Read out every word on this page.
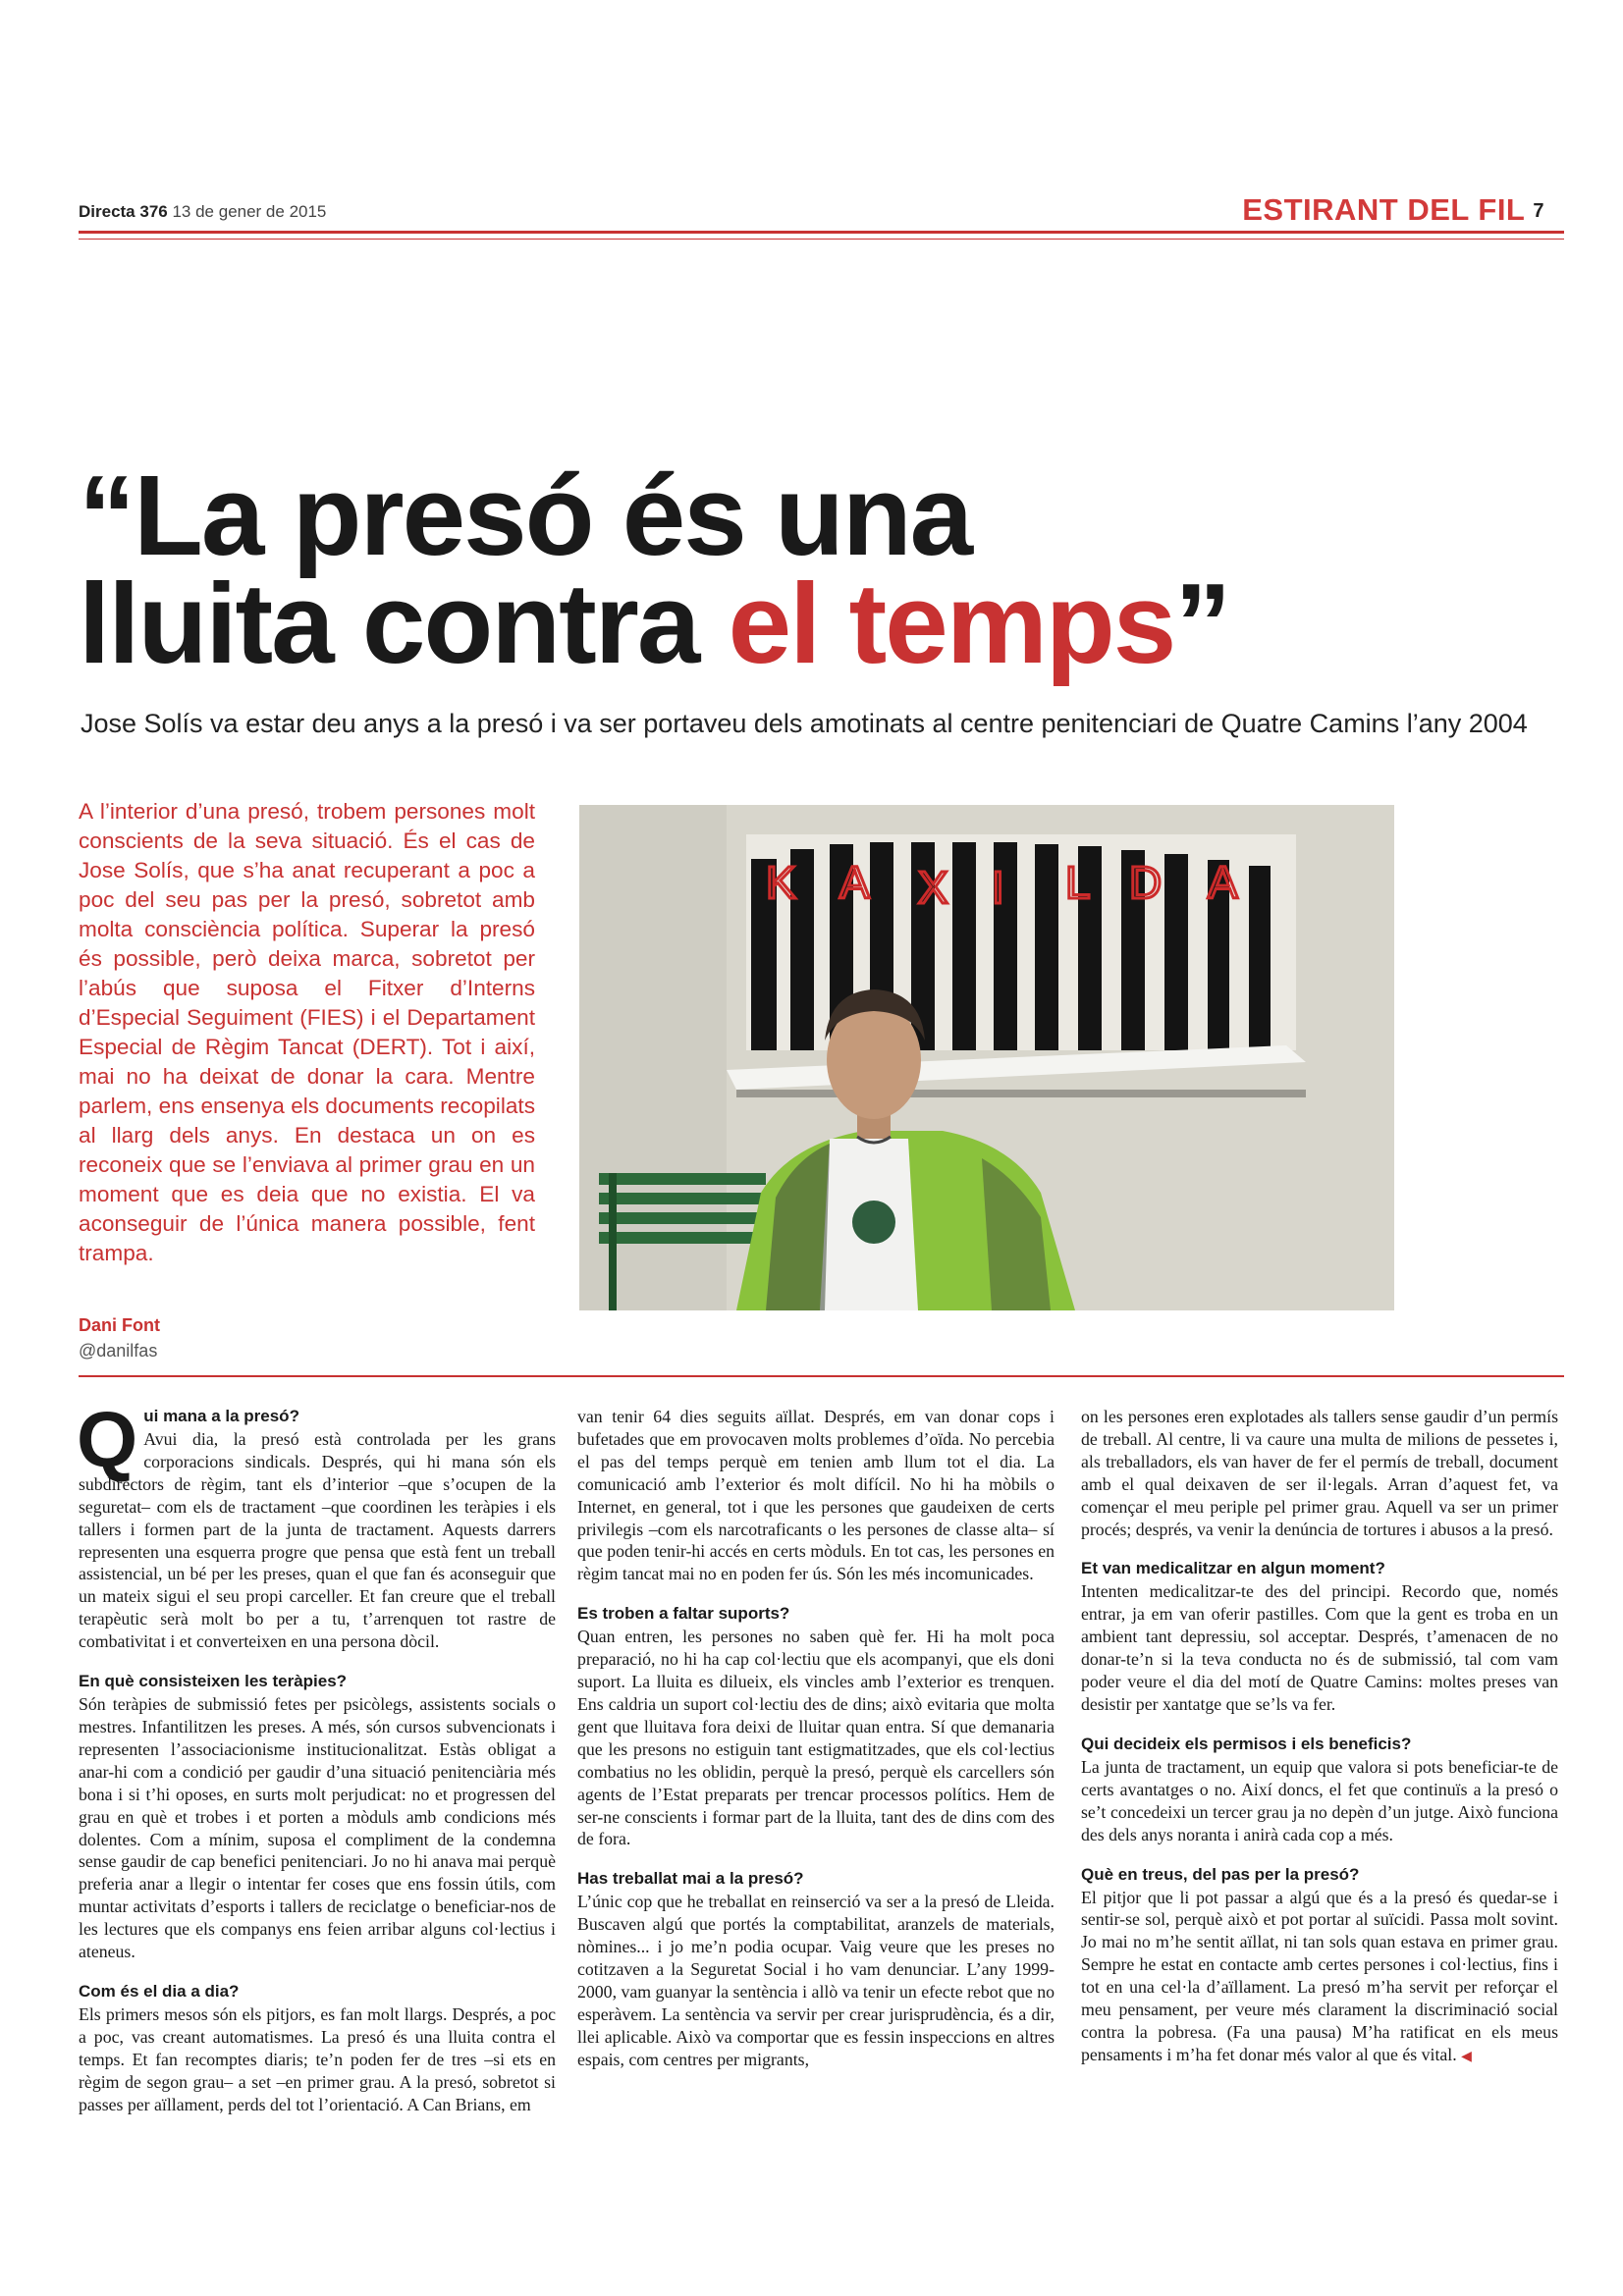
Directa 376 13 de gener de 2015	ESTIRANT DEL FIL 7
“La presó és una
lluita contra el temps”
Jose Solís va estar deu anys a la presó i va ser portaveu dels amotinats al centre penitenciari de Quatre Camins l’any 2004
A l’interior d’una presó, trobem persones molt conscients de la seva situació. És el cas de Jose Solís, que s’ha anat recuperant a poc a poc del seu pas per la presó, sobretot amb molta consciència política. Superar la presó és possible, però deixa marca, sobretot per l’abús que suposa el Fitxer d’Interns d’Especial Seguiment (FIES) i el Departament Especial de Règim Tancat (DERT). Tot i així, mai no ha deixat de donar la cara. Mentre parlem, ens ensenya els documents recopilats al llarg dels anys. En destaca un on es reconeix que se l’enviava al primer grau en un moment que es deia que no existia. El va aconseguir de l’única manera possible, fent trampa.
K A X I L D A
Dani Font
@danilfas
Q ui mana a la presó?

Avui dia, la presó està controlada per les grans corporacions sindicals. Després, qui hi mana són els subdirectors de règim, tant els d’interior –que s’ocupen de la seguretat– com els de tractament –que coordinen les teràpies i els tallers i formen part de la junta de tractament. Aquests darrers representen una esquerra progre que pensa que està fent un treball assistencial, un bé per les preses, quan el que fan és aconseguir que un mateix sigui el seu propi carceller. Et fan creure que el treball terapèutic serà molt bo per a tu, t’arrenquen tot rastre de combativitat i et converteixen en una persona dòcil.

En què consisteixen les teràpies?

Són teràpies de submissió fetes per psicòlegs, assistents socials o mestres. Infantilitzen les preses. A més, són cursos subvencionats i representen l’associacionisme institucionalitzat. Estàs obligat a anar-hi com a condició per gaudir d’una situació penitenciària més bona i si t’hi oposes, en surts molt perjudicat: no et progressen del grau en què et trobes i et porten a mòduls amb condicions més dolentes. Com a mínim, suposa el compliment de la condemna sense gaudir de cap benefici penitenciari. Jo no hi anava mai perquè preferia anar a llegir o intentar fer coses que ens fossin útils, com muntar activitats d’esports i tallers de reciclatge o beneficiar-nos de les lectures que els companys ens feien arribar alguns col·lectius i ateneus.

Com és el dia a dia?

Els primers mesos són els pitjors, es fan molt llargs. Després, a poc a poc, vas creant automatismes. La presó és una lluita contra el temps. Et fan recomptes diaris; te’n poden fer de tres –si ets en règim de segon grau– a set –en primer grau. A la presó, sobretot si passes per aïllament, perds del tot l’orientació. A Can Brians, em

van tenir 64 dies seguits aïllat. Després, em van donar cops i bufetades que em provocaven molts problemes d’oïda. No percebia el pas del temps perquè em tenien amb llum tot el dia. La comunicació amb l’exterior és molt difícil. No hi ha mòbils o Internet, en general, tot i que les persones que gaudeixen de certs privilegis –com els narcotraficants o les persones de classe alta– sí que poden tenir-hi accés en certs mòduls. En tot cas, les persones en règim tancat mai no en poden fer ús. Són les més incomunicades.

Es troben a faltar suports?

Quan entren, les persones no saben què fer. Hi ha molt poca preparació, no hi ha cap col·lectiu que els acompanyi, que els doni suport. La lluita es dilueix, els vincles amb l’exterior es trenquen. Ens caldria un suport col·lectiu des de dins; això evitaria que molta gent que lluitava fora deixi de lluitar quan entra. Sí que demanaria que les presons no estiguin tant estigmatitzades, que els col·lectius combatius no les oblidin, perquè la presó, perquè els carcellers són agents de l’Estat preparats per trencar processos polítics. Hem de ser-ne conscients i formar part de la lluita, tant des de dins com des de fora.

Has treballat mai a la presó?

L’únic cop que he treballat en reinserció va ser a la presó de Lleida. Buscaven algú que portés la comptabilitat, aranzels de materials, nòmines... i jo me’n podia ocupar. Vaig veure que les preses no cotitzaven a la Seguretat Social i ho vam denunciar. L’any 1999-2000, vam guanyar la sentència i allò va tenir un efecte rebot que no esperàvem. La sentència va servir per crear jurisprudència, és a dir, llei aplicable. Això va comportar que es fessin inspeccions en altres espais, com centres per migrants,

on les persones eren explotades als tallers sense gaudir d’un permís de treball. Al centre, li va caure una multa de milions de pessetes i, als treballadors, els van haver de fer el permís de treball, document amb el qual deixaven de ser il·legals. Arran d’aquest fet, va començar el meu periple pel primer grau. Aquell va ser un primer procés; després, va venir la denúncia de tortures i abusos a la presó.

Et van medicalitzar en algun moment?

Intenten medicalitzar-te des del principi. Recordo que, només entrar, ja em van oferir pastilles. Com que la gent es troba en un ambient tant depressiu, sol acceptar. Després, t’amenacen de no donar-te’n si la teva conducta no és de submissió, tal com vam poder veure el dia del motí de Quatre Camins: moltes preses van desistir per xantatge que se’ls va fer.

Qui decideix els permisos i els beneficis?

La junta de tractament, un equip que valora si pots beneficiar-te de certs avantatges o no. Així doncs, el fet que continuïs a la presó o se’t concedeixi un tercer grau ja no depèn d’un jutge. Això funciona des dels anys noranta i anirà cada cop a més.

Què en treus, del pas per la presó?

El pitjor que li pot passar a algú que és a la presó és quedar-se i sentir-se sol, perquè això et pot portar al suïcidi. Passa molt sovint. Jo mai no m’he sentit aïllat, ni tan sols quan estava en primer grau. Sempre he estat en contacte amb certes persones i col·lectius, fins i tot en una cel·la d’aïllament. La presó m’ha servit per reforçar el meu pensament, per veure més clarament la discriminació social contra la pobresa. (Fa una pausa) M’ha ratificat en els meus pensaments i m’ha fet donar més valor al que és vital. ◀
